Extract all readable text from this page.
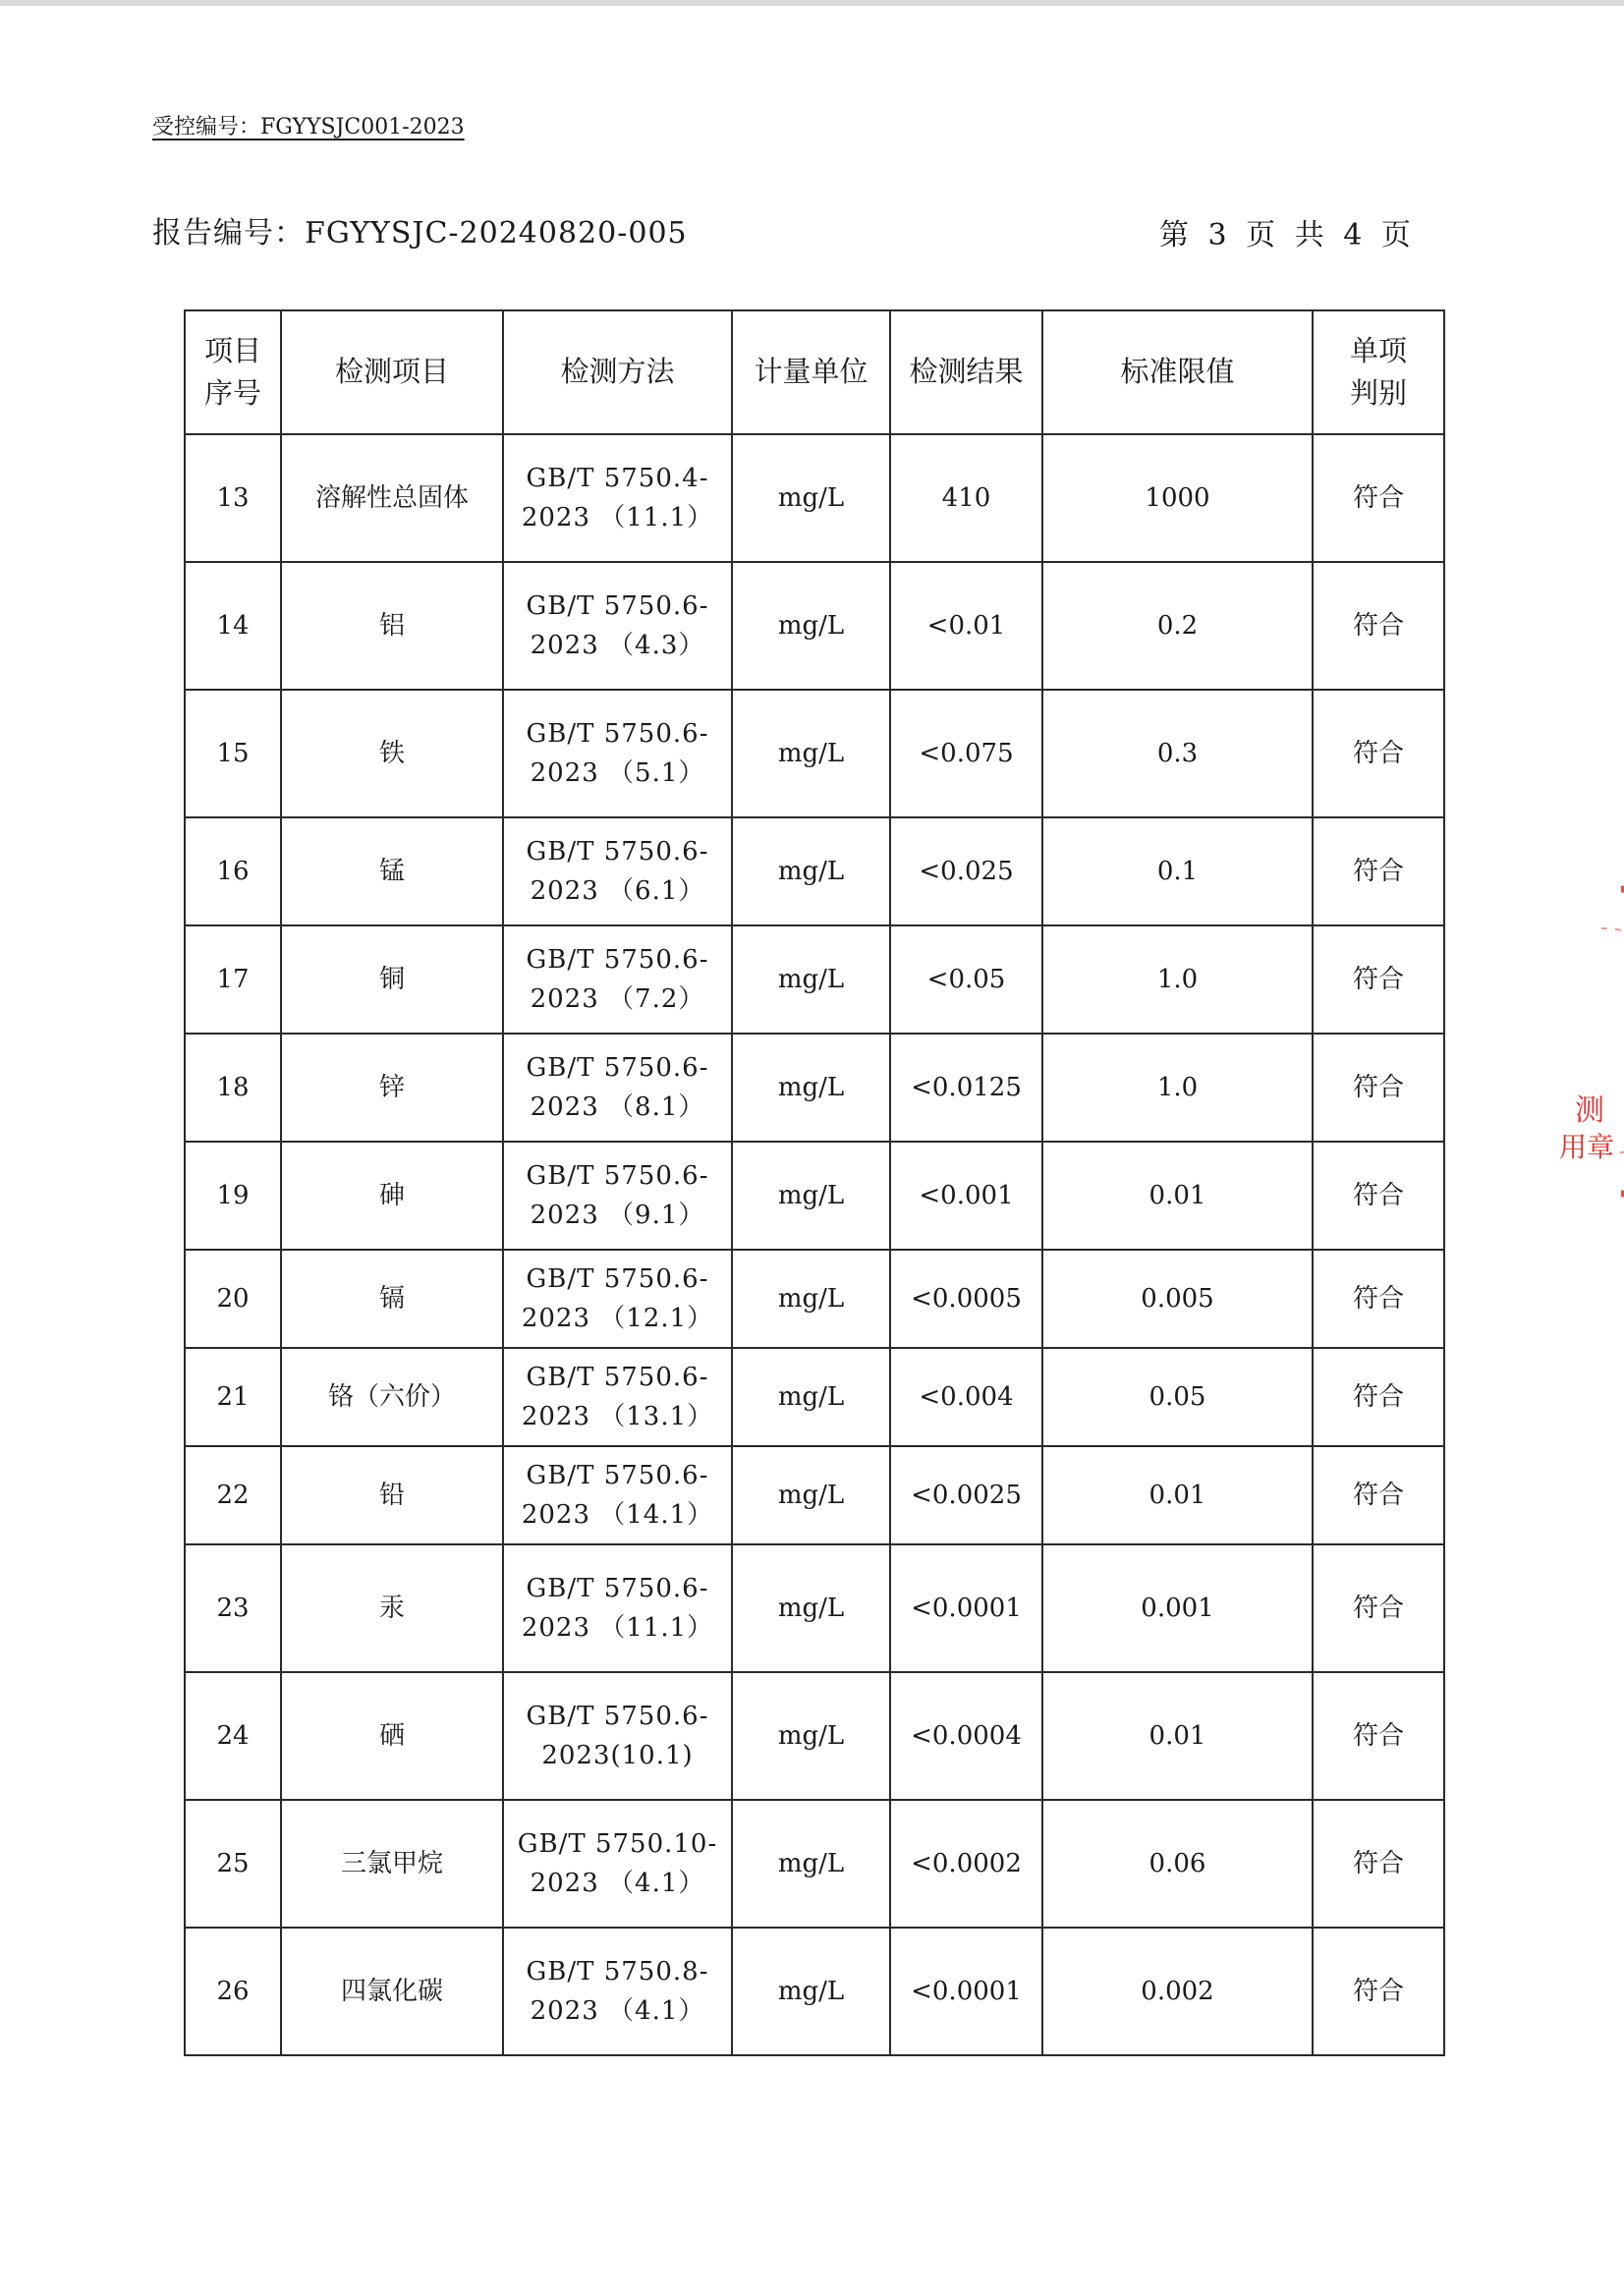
受控编号：FGYYSJC001-2023
报告编号：FGYYSJC-20240820-005	第 3 页 共 4 页
项目
序号	检测项目	检测方法	计量单位	检测结果	标准限值	单项
判别
13	溶解性总固体	GB/T 5750.4-
2023 （11.1）	mg/L	410	1000	符合
14	铝	GB/T 5750.6-
2023 （4.3）	mg/L	<0.01	0.2	符合
15	铁	GB/T 5750.6-
2023 （5.1）	mg/L	<0.075	0.3	符合
16	锰	GB/T 5750.6-
2023 （6.1）	mg/L	<0.025	0.1	符合
17	铜	GB/T 5750.6-
2023 （7.2）	mg/L	<0.05	1.0	符合
18	锌	GB/T 5750.6-
2023 （8.1）	mg/L	<0.0125	1.0	符合
19	砷	GB/T 5750.6-
2023 （9.1）	mg/L	<0.001	0.01	符合
20	镉	GB/T 5750.6-
2023 （12.1）	mg/L	<0.0005	0.005	符合
21	铬（六价）	GB/T 5750.6-
2023 （13.1）	mg/L	<0.004	0.05	符合
22	铅	GB/T 5750.6-
2023 （14.1）	mg/L	<0.0025	0.01	符合
23	汞	GB/T 5750.6-
2023 （11.1）	mg/L	<0.0001	0.001	符合
24	硒	GB/T 5750.6-
2023(10.1)	mg/L	<0.0004	0.01	符合
25	三氯甲烷	GB/T 5750.10-
2023 （4.1）	mg/L	<0.0002	0.06	符合
26	四氯化碳	GB/T 5750.8-
2023 （4.1）	mg/L	<0.0001	0.002	符合
测
用章
